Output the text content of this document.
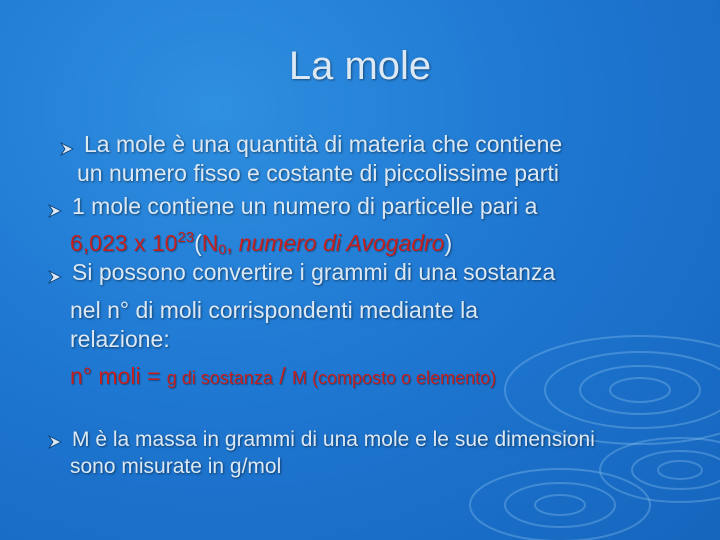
La mole
La mole è una quantità di materia che contiene
un numero fisso e costante di piccolissime parti
1 mole contiene un numero di particelle pari a
6,023 x $10^{23}(N_0$, numero di Avogadro)
Si possono convertire i grammi di una sostanza
nel n° di moli corrispondenti mediante la
relazione:
n° moli = g di sostanza / M (composto o elemento)
M è la massa in grammi di una mole e le sue dimensioni
sono misurate in g/mol
